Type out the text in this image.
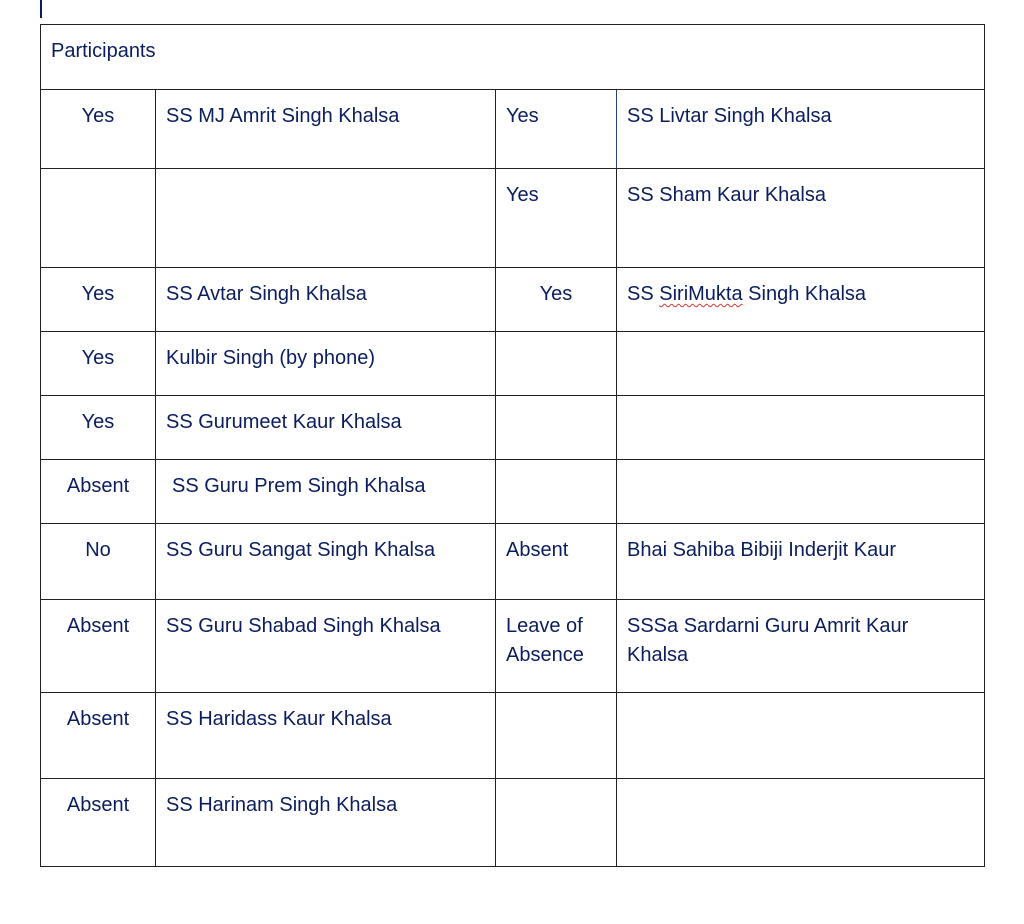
Participants			
Yes	SS MJ Amrit Singh Khalsa	Yes	SS Livtar Singh Khalsa
		Yes	SS Sham Kaur Khalsa
Yes	SS Avtar Singh Khalsa	Yes	SS SiriMukta Singh Khalsa
Yes	Kulbir Singh (by phone)		
Yes	SS Gurumeet Kaur Khalsa		
Absent	SS Guru Prem Singh Khalsa		
No	SS Guru Sangat Singh Khalsa	Absent	Bhai Sahiba Bibiji Inderjit Kaur
Absent	SS Guru Shabad Singh Khalsa	Leave of Absence	SSSa Sardarni Guru Amrit Kaur Khalsa
Absent	SS Haridass Kaur Khalsa		
Absent	SS Harinam Singh Khalsa		
